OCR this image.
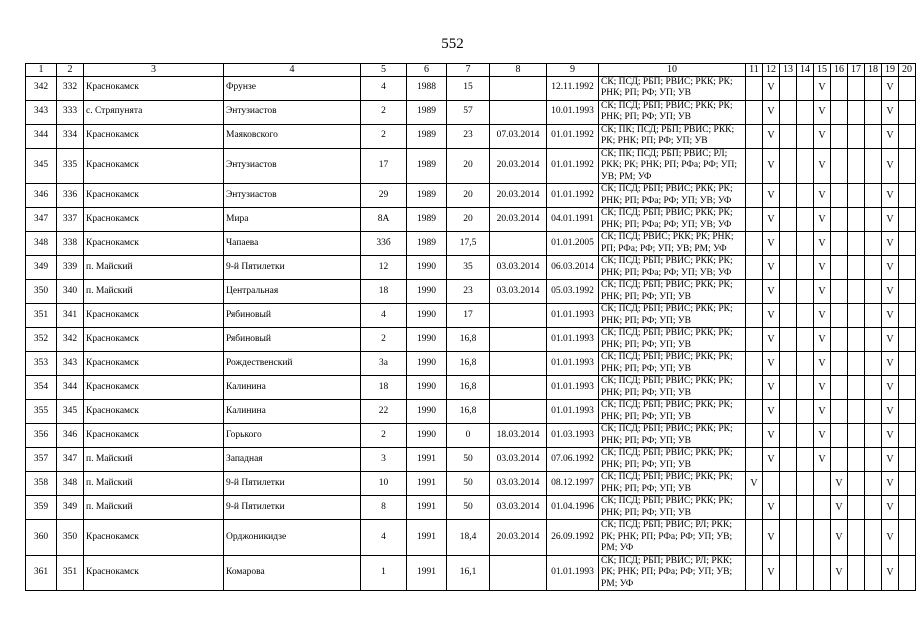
552
1	2	3	4	5	6	7	8	9	10	11	12	13	14	15	16	17	18	19	20
342	332	Краснокамск	Фрунзе	4	1988	15		12.11.1992	СК; ПСД; РБП; РВИС; РКК; РК; РНК; РП; РФ; УП; УВ		V			V				V	
343	333	с. Стряпунята	Энтузиастов	2	1989	57		10.01.1993	СК; ПСД; РБП; РВИС; РКК; РК; РНК; РП; РФ; УП; УВ		V			V				V	
344	334	Краснокамск	Маяковского	2	1989	23	07.03.2014	01.01.1992	СК; ПК; ПСД; РБП; РВИС; РКК; РК; РНК; РП; РФ; УП; УВ		V			V				V	
345	335	Краснокамск	Энтузиастов	17	1989	20	20.03.2014	01.01.1992	СК; ПК; ПСД; РБП; РВИС; РЛ; РКК; РК; РНК; РП; РФа; РФ; УП; УВ; РМ; УФ		V			V				V	
346	336	Краснокамск	Энтузиастов	29	1989	20	20.03.2014	01.01.1992	СК; ПСД; РБП; РВИС; РКК; РК; РНК; РП; РФа; РФ; УП; УВ; УФ		V			V				V	
347	337	Краснокамск	Мира	8А	1989	20	20.03.2014	04.01.1991	СК; ПСД; РБП; РВИС; РКК; РК; РНК; РП; РФа; РФ; УП; УВ; УФ		V			V				V	
348	338	Краснокамск	Чапаева	33б	1989	17,5		01.01.2005	СК; ПСД; РВИС; РКК; РК; РНК; РП; РФа; РФ; УП; УВ; РМ; УФ		V			V				V	
349	339	п. Майский	9-й Пятилетки	12	1990	35	03.03.2014	06.03.2014	СК; ПСД; РБП; РВИС; РКК; РК; РНК; РП; РФа; РФ; УП; УВ; УФ		V			V				V	
350	340	п. Майский	Центральная	18	1990	23	03.03.2014	05.03.1992	СК; ПСД; РБП; РВИС; РКК; РК; РНК; РП; РФ; УП; УВ		V			V				V	
351	341	Краснокамск	Рябиновый	4	1990	17		01.01.1993	СК; ПСД; РБП; РВИС; РКК; РК; РНК; РП; РФ; УП; УВ		V			V				V	
352	342	Краснокамск	Рябиновый	2	1990	16,8		01.01.1993	СК; ПСД; РБП; РВИС; РКК; РК; РНК; РП; РФ; УП; УВ		V			V				V	
353	343	Краснокамск	Рождественский	3а	1990	16,8		01.01.1993	СК; ПСД; РБП; РВИС; РКК; РК; РНК; РП; РФ; УП; УВ		V			V				V	
354	344	Краснокамск	Калинина	18	1990	16,8		01.01.1993	СК; ПСД; РБП; РВИС; РКК; РК; РНК; РП; РФ; УП; УВ		V			V				V	
355	345	Краснокамск	Калинина	22	1990	16,8		01.01.1993	СК; ПСД; РБП; РВИС; РКК; РК; РНК; РП; РФ; УП; УВ		V			V				V	
356	346	Краснокамск	Горького	2	1990	0	18.03.2014	01.03.1993	СК; ПСД; РБП; РВИС; РКК; РК; РНК; РП; РФ; УП; УВ		V			V				V	
357	347	п. Майский	Западная	3	1991	50	03.03.2014	07.06.1992	СК; ПСД; РБП; РВИС; РКК; РК; РНК; РП; РФ; УП; УВ		V			V				V	
358	348	п. Майский	9-й Пятилетки	10	1991	50	03.03.2014	08.12.1997	СК; ПСД; РБП; РВИС; РКК; РК; РНК; РП; РФ; УП; УВ	V					V			V	
359	349	п. Майский	9-й Пятилетки	8	1991	50	03.03.2014	01.04.1996	СК; ПСД; РБП; РВИС; РКК; РК; РНК; РП; РФ; УП; УВ		V				V			V	
360	350	Краснокамск	Орджоникидзе	4	1991	18,4	20.03.2014	26.09.1992	СК; ПСД; РБП; РВИС; РЛ; РКК; РК; РНК; РП; РФа; РФ; УП; УВ; РМ; УФ		V				V			V	
361	351	Краснокамск	Комарова	1	1991	16,1		01.01.1993	СК; ПСД; РБП; РВИС; РЛ; РКК; РК; РНК; РП; РФа; РФ; УП; УВ; РМ; УФ		V				V			V	
